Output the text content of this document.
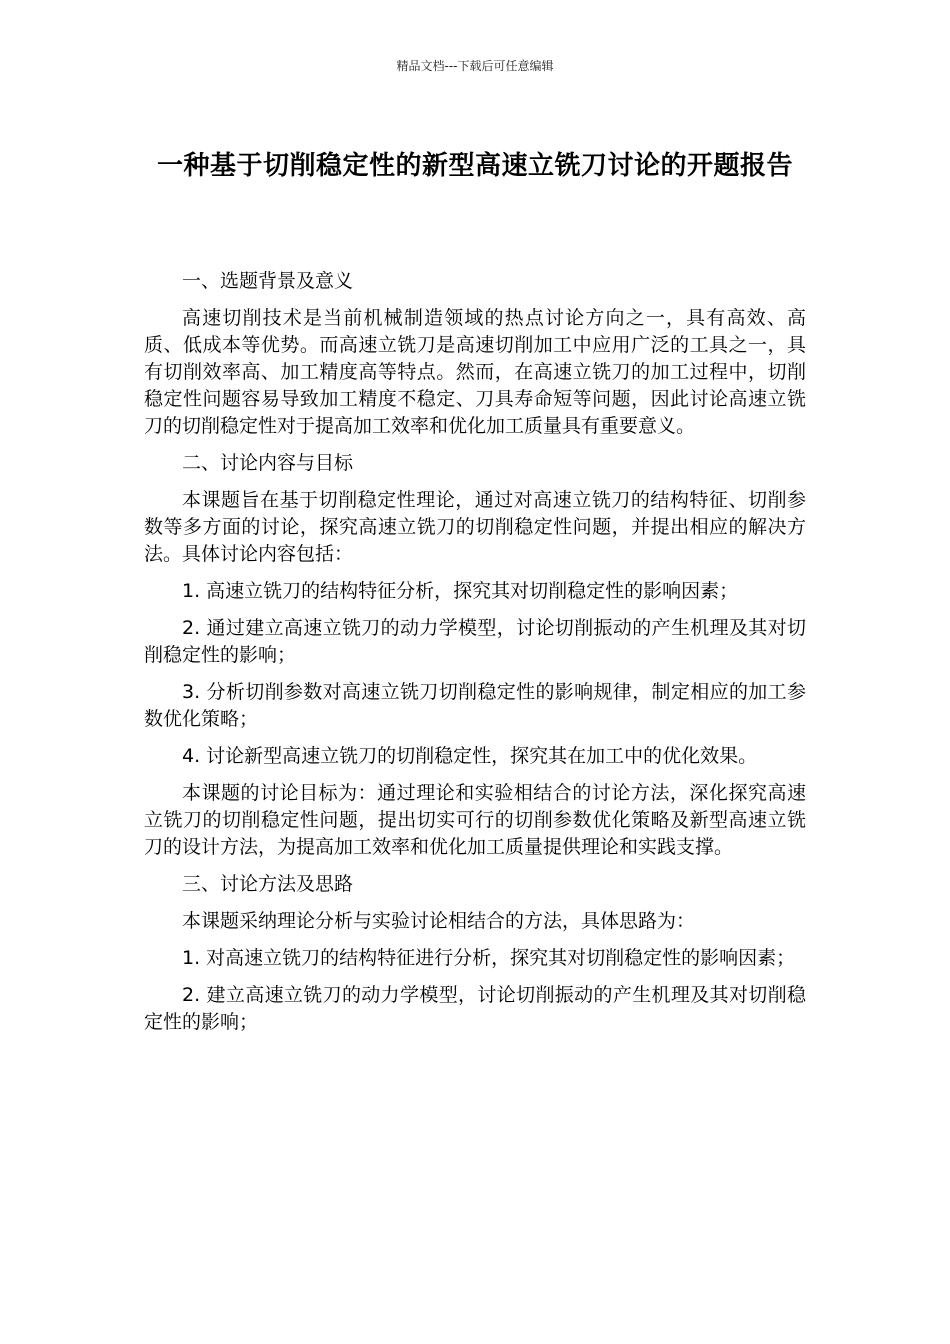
精品文档---下载后可任意编辑
一种基于切削稳定性的新型高速立铣刀讨论的开题报告

一、选题背景及意义

高速切削技术是当前机械制造领域的热点讨论方向之一，具有高效、高质、低成本等优势。而高速立铣刀是高速切削加工中应用广泛的工具之一，具有切削效率高、加工精度高等特点。然而，在高速立铣刀的加工过程中，切削稳定性问题容易导致加工精度不稳定、刀具寿命短等问题，因此讨论高速立铣刀的切削稳定性对于提高加工效率和优化加工质量具有重要意义。

二、讨论内容与目标

本课题旨在基于切削稳定性理论，通过对高速立铣刀的结构特征、切削参数等多方面的讨论，探究高速立铣刀的切削稳定性问题，并提出相应的解决方法。具体讨论内容包括：

1. 高速立铣刀的结构特征分析，探究其对切削稳定性的影响因素；

2. 通过建立高速立铣刀的动力学模型，讨论切削振动的产生机理及其对切削稳定性的影响；

3. 分析切削参数对高速立铣刀切削稳定性的影响规律，制定相应的加工参数优化策略；

4. 讨论新型高速立铣刀的切削稳定性，探究其在加工中的优化效果。

本课题的讨论目标为：通过理论和实验相结合的讨论方法，深化探究高速立铣刀的切削稳定性问题，提出切实可行的切削参数优化策略及新型高速立铣刀的设计方法，为提高加工效率和优化加工质量提供理论和实践支撑。

三、讨论方法及思路

本课题采纳理论分析与实验讨论相结合的方法，具体思路为：

1. 对高速立铣刀的结构特征进行分析，探究其对切削稳定性的影响因素；

2. 建立高速立铣刀的动力学模型，讨论切削振动的产生机理及其对切削稳定性的影响；
